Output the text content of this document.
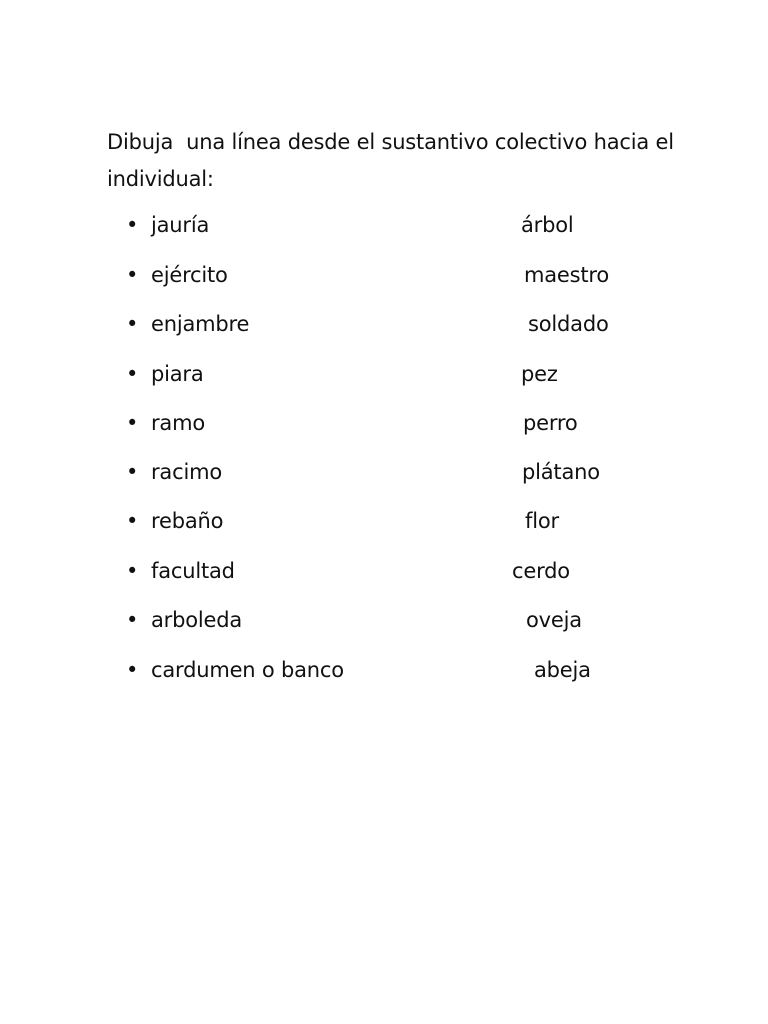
Dibuja  una línea desde el sustantivo colectivo hacia el individual:

• jauría	árbol
• ejército	maestro
• enjambre	soldado
• piara	pez
• ramo	perro
• racimo	plátano
• rebaño	flor
• facultad	cerdo
• arboleda	oveja
• cardumen o banco	abeja
